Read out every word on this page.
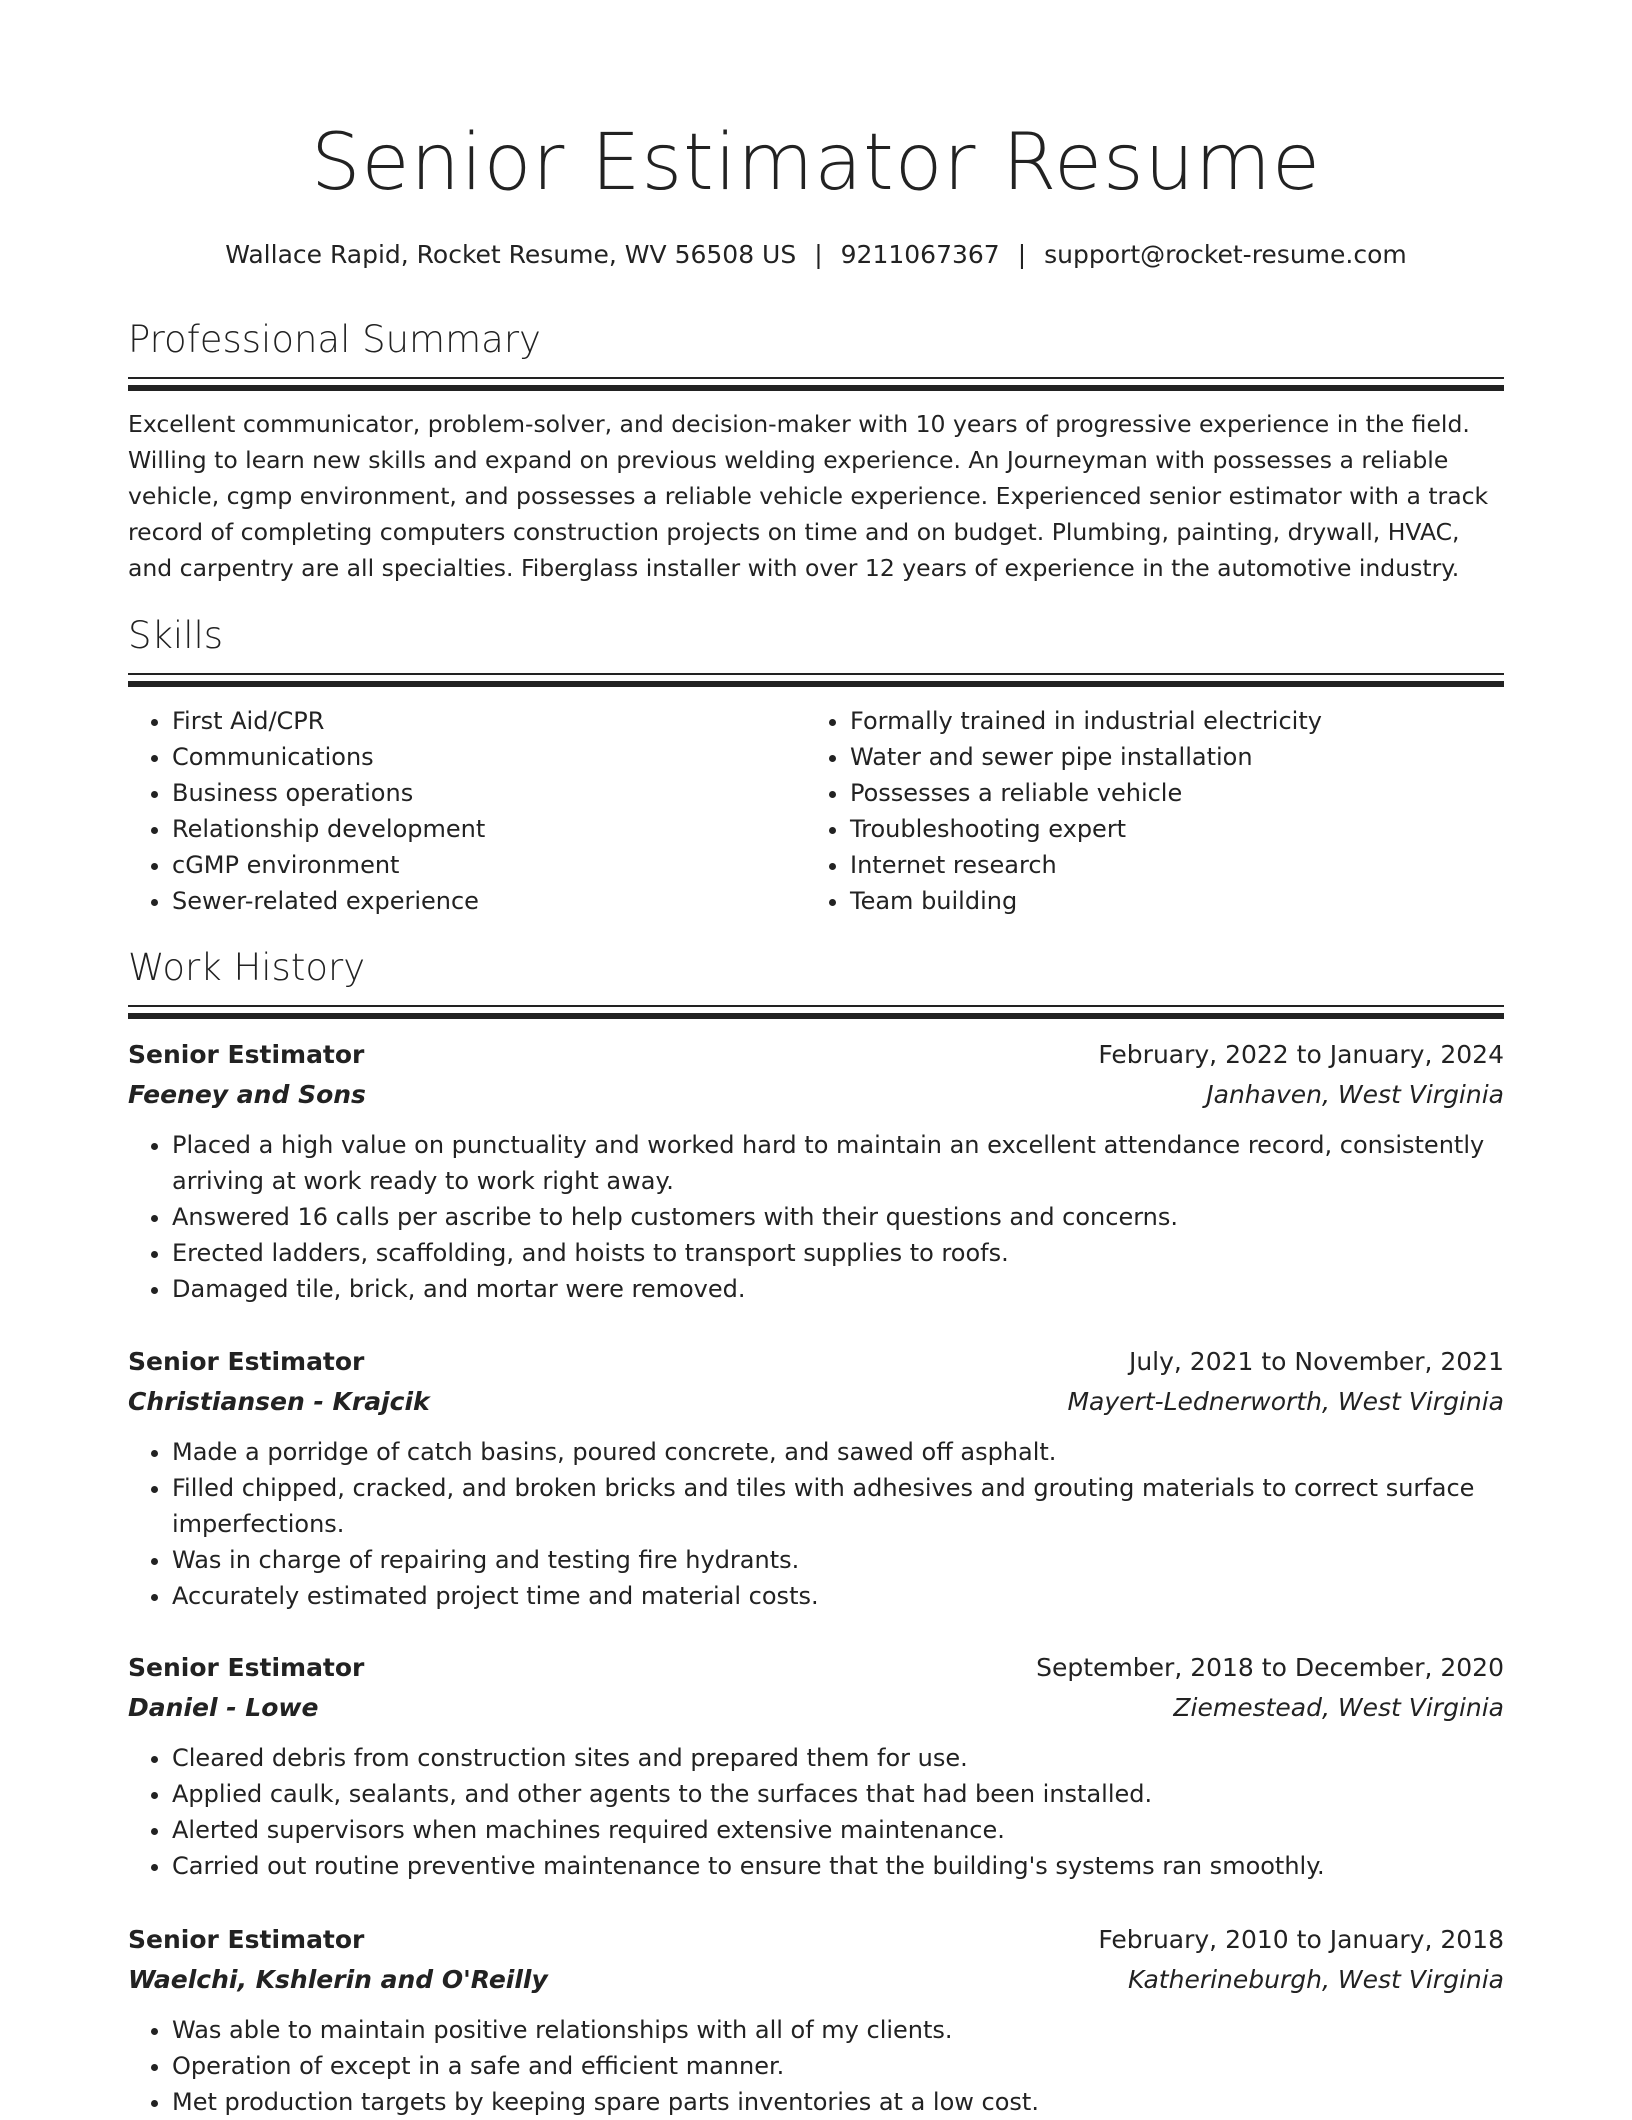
Senior Estimator Resume
Wallace Rapid, Rocket Resume, WV 56508 US | 9211067367 | support@rocket-resume.com
Professional Summary

Excellent communicator, problem-solver, and decision-maker with 10 years of progressive experience in the field. Willing to learn new skills and expand on previous welding experience. An Journeyman with possesses a reliable vehicle, cgmp environment, and possesses a reliable vehicle experience. Experienced senior estimator with a track record of completing computers construction projects on time and on budget. Plumbing, painting, drywall, HVAC, and carpentry are all specialties. Fiberglass installer with over 12 years of experience in the automotive industry.

Skills
• First Aid/CPR
• Communications
• Business operations
• Relationship development
• cGMP environment
• Sewer-related experience
• Formally trained in industrial electricity
• Water and sewer pipe installation
• Possesses a reliable vehicle
• Troubleshooting expert
• Internet research
• Team building
Work History
Senior Estimator	February, 2022 to January, 2024
Feeney and Sons	Janhaven, West Virginia
• Placed a high value on punctuality and worked hard to maintain an excellent attendance record, consistently arriving at work ready to work right away.
• Answered 16 calls per ascribe to help customers with their questions and concerns.
• Erected ladders, scaffolding, and hoists to transport supplies to roofs.
• Damaged tile, brick, and mortar were removed.
Senior Estimator	July, 2021 to November, 2021
Christiansen - Krajcik	Mayert-Lednerworth, West Virginia
• Made a porridge of catch basins, poured concrete, and sawed off asphalt.
• Filled chipped, cracked, and broken bricks and tiles with adhesives and grouting materials to correct surface imperfections.
• Was in charge of repairing and testing fire hydrants.
• Accurately estimated project time and material costs.
Senior Estimator	September, 2018 to December, 2020
Daniel - Lowe	Ziemestead, West Virginia
• Cleared debris from construction sites and prepared them for use.
• Applied caulk, sealants, and other agents to the surfaces that had been installed.
• Alerted supervisors when machines required extensive maintenance.
• Carried out routine preventive maintenance to ensure that the building's systems ran smoothly.
Senior Estimator	February, 2010 to January, 2018
Waelchi, Kshlerin and O'Reilly	Katherineburgh, West Virginia
• Was able to maintain positive relationships with all of my clients.
• Operation of except in a safe and efficient manner.
• Met production targets by keeping spare parts inventories at a low cost.
